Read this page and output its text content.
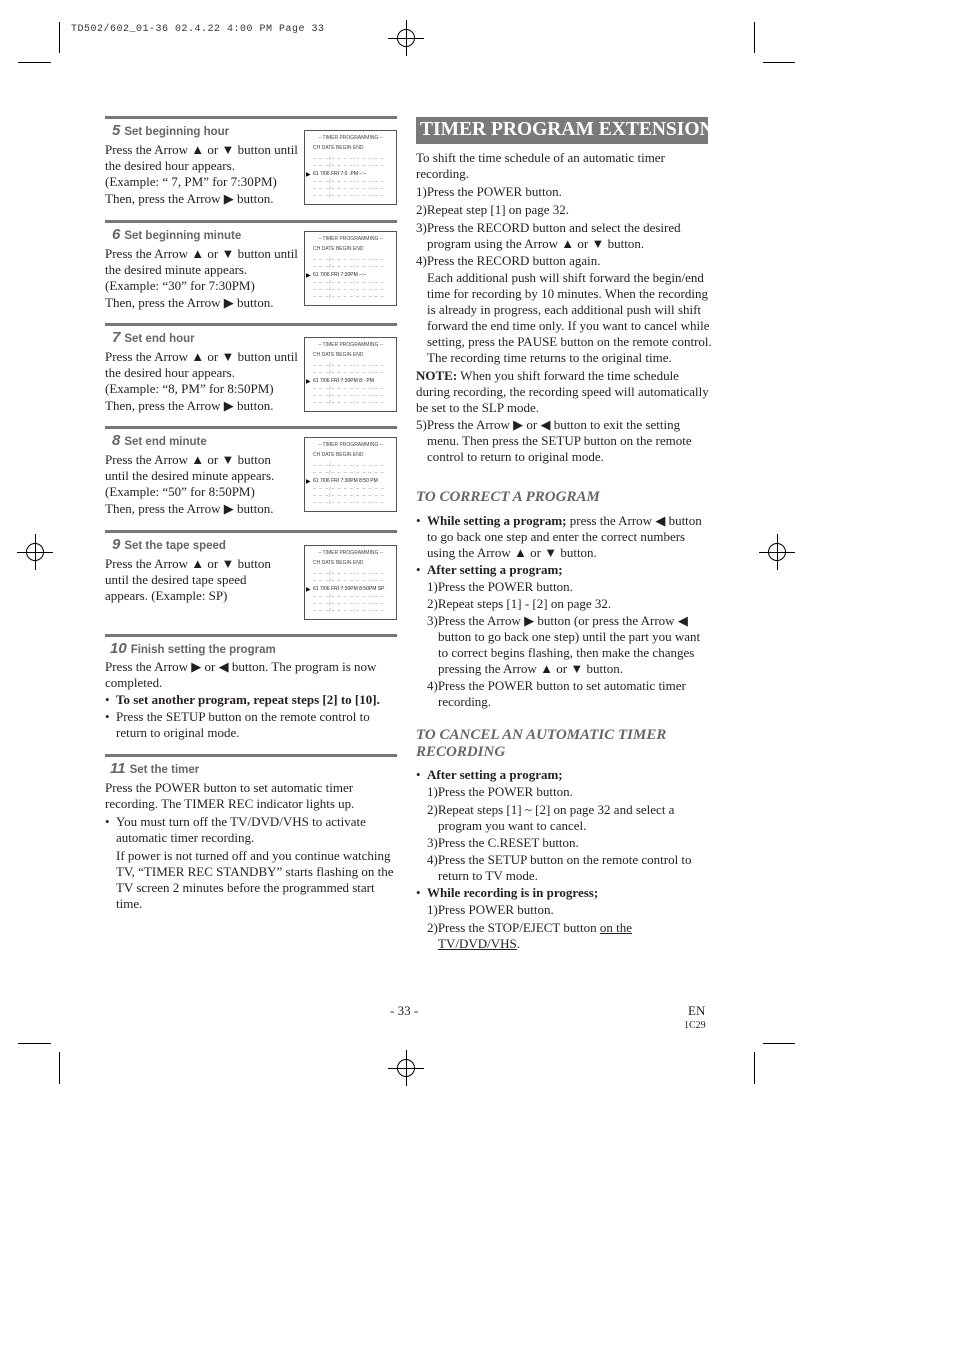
TD502/602_01-36 02.4.22 4:00 PM Page 33
5 Set beginning hour

Press the Arrow ▲ or ▼ button until

the desired hour appears.

(Example: “ 7, PM” for 7:30PM)

Then, press the Arrow ▶ button.

– TIMER PROGRAMMING –
CH DATE BEGIN END
– – –/– – – –:– – –:– –
– – –/– – – –:– – –:– –
▶ 61 7/06 FRI 7:0 ·PM –:–
– – –/– – – –:– – –:– –
– – –/– – – –:– – –:– –
– – –/– – – –:– – –:– –
6 Set beginning minute

Press the Arrow ▲ or ▼ button until

the desired minute appears.

(Example: “30” for 7:30PM)

Then, press the Arrow ▶ button.

– TIMER PROGRAMMING –
CH DATE BEGIN END
– – –/– – – –:– – –:– –
– – –/– – – –:– – –:– –
▶ 61 7/06 FRI 7:30PM –:–
– – –/– – – –:– – –:– –
– – –/– – – –:– – –:– –
– – –/– – – –:– – –:– –
7 Set end hour

Press the Arrow ▲ or ▼ button until

the desired hour appears.

(Example: “8, PM” for 8:50PM)

Then, press the Arrow ▶ button.

– TIMER PROGRAMMING –
CH DATE BEGIN END
– – –/– – – –:– – –:– –
– – –/– – – –:– – –:– –
▶ 61 7/06 FRI 7:30PM 8:· PM
– – –/– – – –:– – –:– –
– – –/– – – –:– – –:– –
– – –/– – – –:– – –:– –
8 Set end minute

Press the Arrow ▲ or ▼ button

until the desired minute appears.

(Example: “50” for 8:50PM)

Then, press the Arrow ▶ button.

– TIMER PROGRAMMING –
CH DATE BEGIN END
– – –/– – – –:– – –:– –
– – –/– – – –:– – –:– –
▶ 61 7/06 FRI 7:30PM 8:50 PM
– – –/– – – –:– – –:– –
– – –/– – – –:– – –:– –
– – –/– – – –:– – –:– –
9 Set the tape speed

Press the Arrow ▲ or ▼ button

until the desired tape speed

appears. (Example: SP)

– TIMER PROGRAMMING –
CH DATE BEGIN END
– – –/– – – –:– – –:– –
– – –/– – – –:– – –:– –
▶ 61 7/06 FRI 7:30PM 8:50PM SP
– – –/– – – –:– – –:– –
– – –/– – – –:– – –:– –
– – –/– – – –:– – –:– –
10 Finish setting the program

Press the Arrow ▶ or ◀ button. The program is now completed.

• To set another program, repeat steps [2] to [10].

• Press the SETUP button on the remote control to return to original mode.

11 Set the timer

Press the POWER button to set automatic timer recording. The TIMER REC indicator lights up.

• You must turn off the TV/DVD/VHS to activate automatic timer recording.

If power is not turned off and you continue watching TV, “TIMER REC STANDBY” starts flashing on the TV screen 2 minutes before the programmed start time.

TIMER PROGRAM EXTENSION

To shift the time schedule of an automatic timer recording.

1)Press the POWER button.

2)Repeat step [1] on page 32.

3)Press the RECORD button and select the desired program using the Arrow ▲ or ▼ button.

4)Press the RECORD button again.

Each additional push will shift forward the begin/end time for recording by 10 minutes. When the recording is already in progress, each additional push will shift forward the end time only. If you want to cancel while setting, press the PAUSE button on the remote control. The recording time returns to the original time.

NOTE: When you shift forward the time schedule during recording, the recording speed will automatically be set to the SLP mode.

5)Press the Arrow ▶ or ◀ button to exit the setting menu. Then press the SETUP button on the remote control to return to original mode.

TO CORRECT A PROGRAM

• While setting a program; press the Arrow ◀ button to go back one step and enter the correct numbers using the Arrow ▲ or ▼ button.

• After setting a program;

1)Press the POWER button.

2)Repeat steps [1] - [2] on page 32.

3)Press the Arrow ▶ button (or press the Arrow ◀ button to go back one step) until the part you want to correct begins flashing, then make the changes pressing the Arrow ▲ or ▼ button.

4)Press the POWER button to set automatic timer recording.

TO CANCEL AN AUTOMATIC TIMER RECORDING

• After setting a program;

1)Press the POWER button.

2)Repeat steps [1] ~ [2] on page 32 and select a program you want to cancel.

3)Press the C.RESET button.

4)Press the SETUP button on the remote control to return to TV mode.

• While recording is in progress;

1)Press POWER button.

2)Press the STOP/EJECT button on the TV/DVD/VHS.

- 33 -	EN
1C29
